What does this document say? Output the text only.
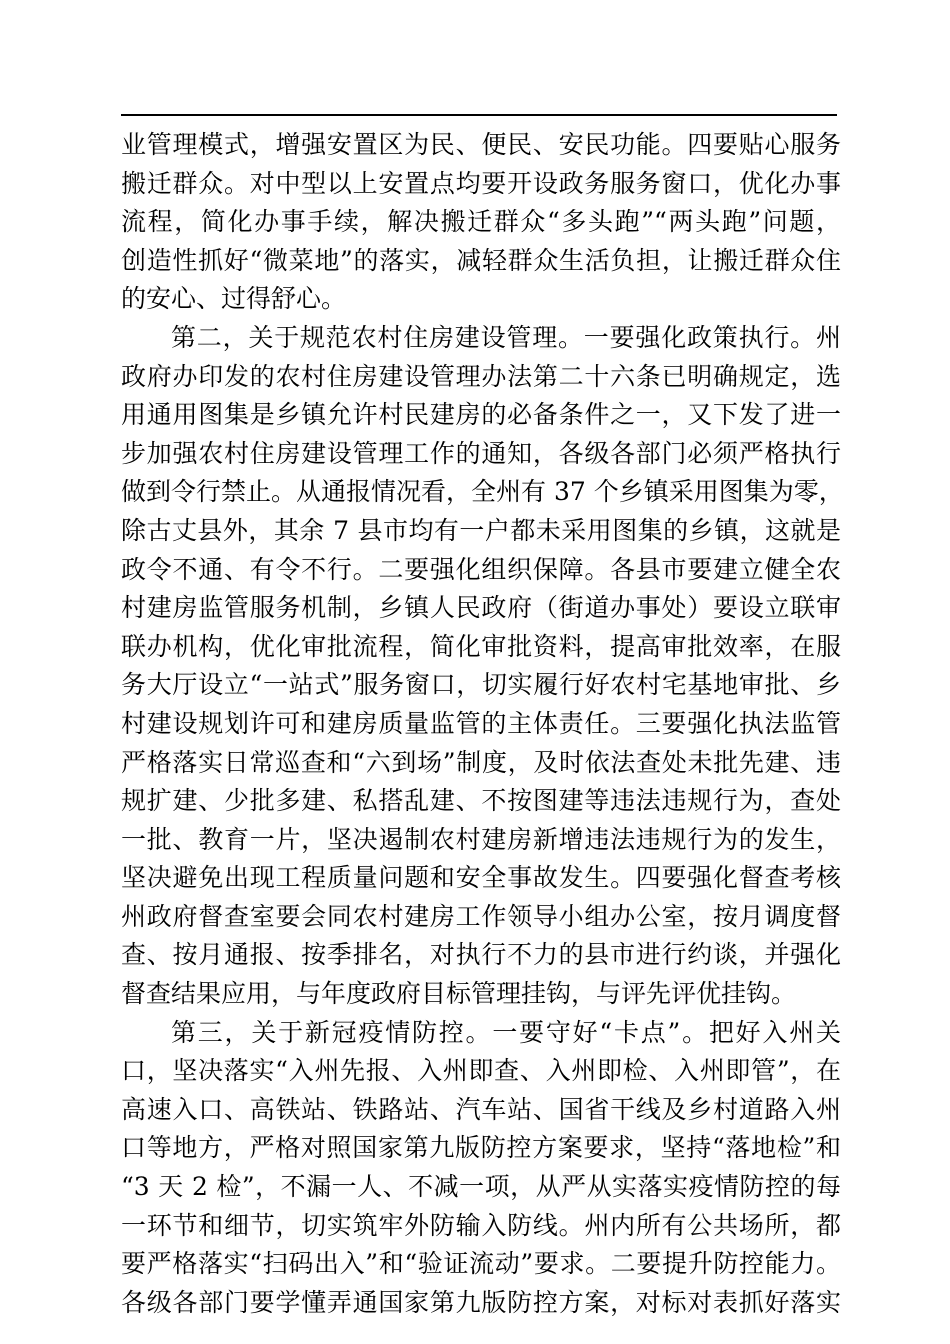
业管理模式，增强安置区为民、便民、安民功能。四要贴心服务
搬迁群众。对中型以上安置点均要开设政务服务窗口，优化办事
流程，简化办事手续，解决搬迁群众“多头跑”“两头跑”问题，
创造性抓好“微菜地”的落实，减轻群众生活负担，让搬迁群众住
的安心、过得舒心。
第二，关于规范农村住房建设管理。一要强化政策执行。州
政府办印发的农村住房建设管理办法第二十六条已明确规定，选
用通用图集是乡镇允许村民建房的必备条件之一，又下发了进一
步加强农村住房建设管理工作的通知，各级各部门必须严格执行
做到令行禁止。从通报情况看，全州有 37 个乡镇采用图集为零，
除古丈县外，其余 7 县市均有一户都未采用图集的乡镇，这就是
政令不通、有令不行。二要强化组织保障。各县市要建立健全农
村建房监管服务机制，乡镇人民政府（街道办事处）要设立联审
联办机构，优化审批流程，简化审批资料，提高审批效率，在服
务大厅设立“一站式”服务窗口，切实履行好农村宅基地审批、乡
村建设规划许可和建房质量监管的主体责任。三要强化执法监管
严格落实日常巡查和“六到场”制度，及时依法查处未批先建、违
规扩建、少批多建、私搭乱建、不按图建等违法违规行为，查处
一批、教育一片，坚决遏制农村建房新增违法违规行为的发生，
坚决避免出现工程质量问题和安全事故发生。四要强化督查考核
州政府督查室要会同农村建房工作领导小组办公室，按月调度督
查、按月通报、按季排名，对执行不力的县市进行约谈，并强化
督查结果应用，与年度政府目标管理挂钩，与评先评优挂钩。
第三，关于新冠疫情防控。一要守好“卡点”。把好入州关
口，坚决落实“入州先报、入州即查、入州即检、入州即管”，在
高速入口、高铁站、铁路站、汽车站、国省干线及乡村道路入州
口等地方，严格对照国家第九版防控方案要求，坚持“落地检”和
“3 天 2 检”，不漏一人、不减一项，从严从实落实疫情防控的每
一环节和细节，切实筑牢外防输入防线。州内所有公共场所，都
要严格落实“扫码出入”和“验证流动”要求。二要提升防控能力。
各级各部门要学懂弄通国家第九版防控方案，对标对表抓好落实
